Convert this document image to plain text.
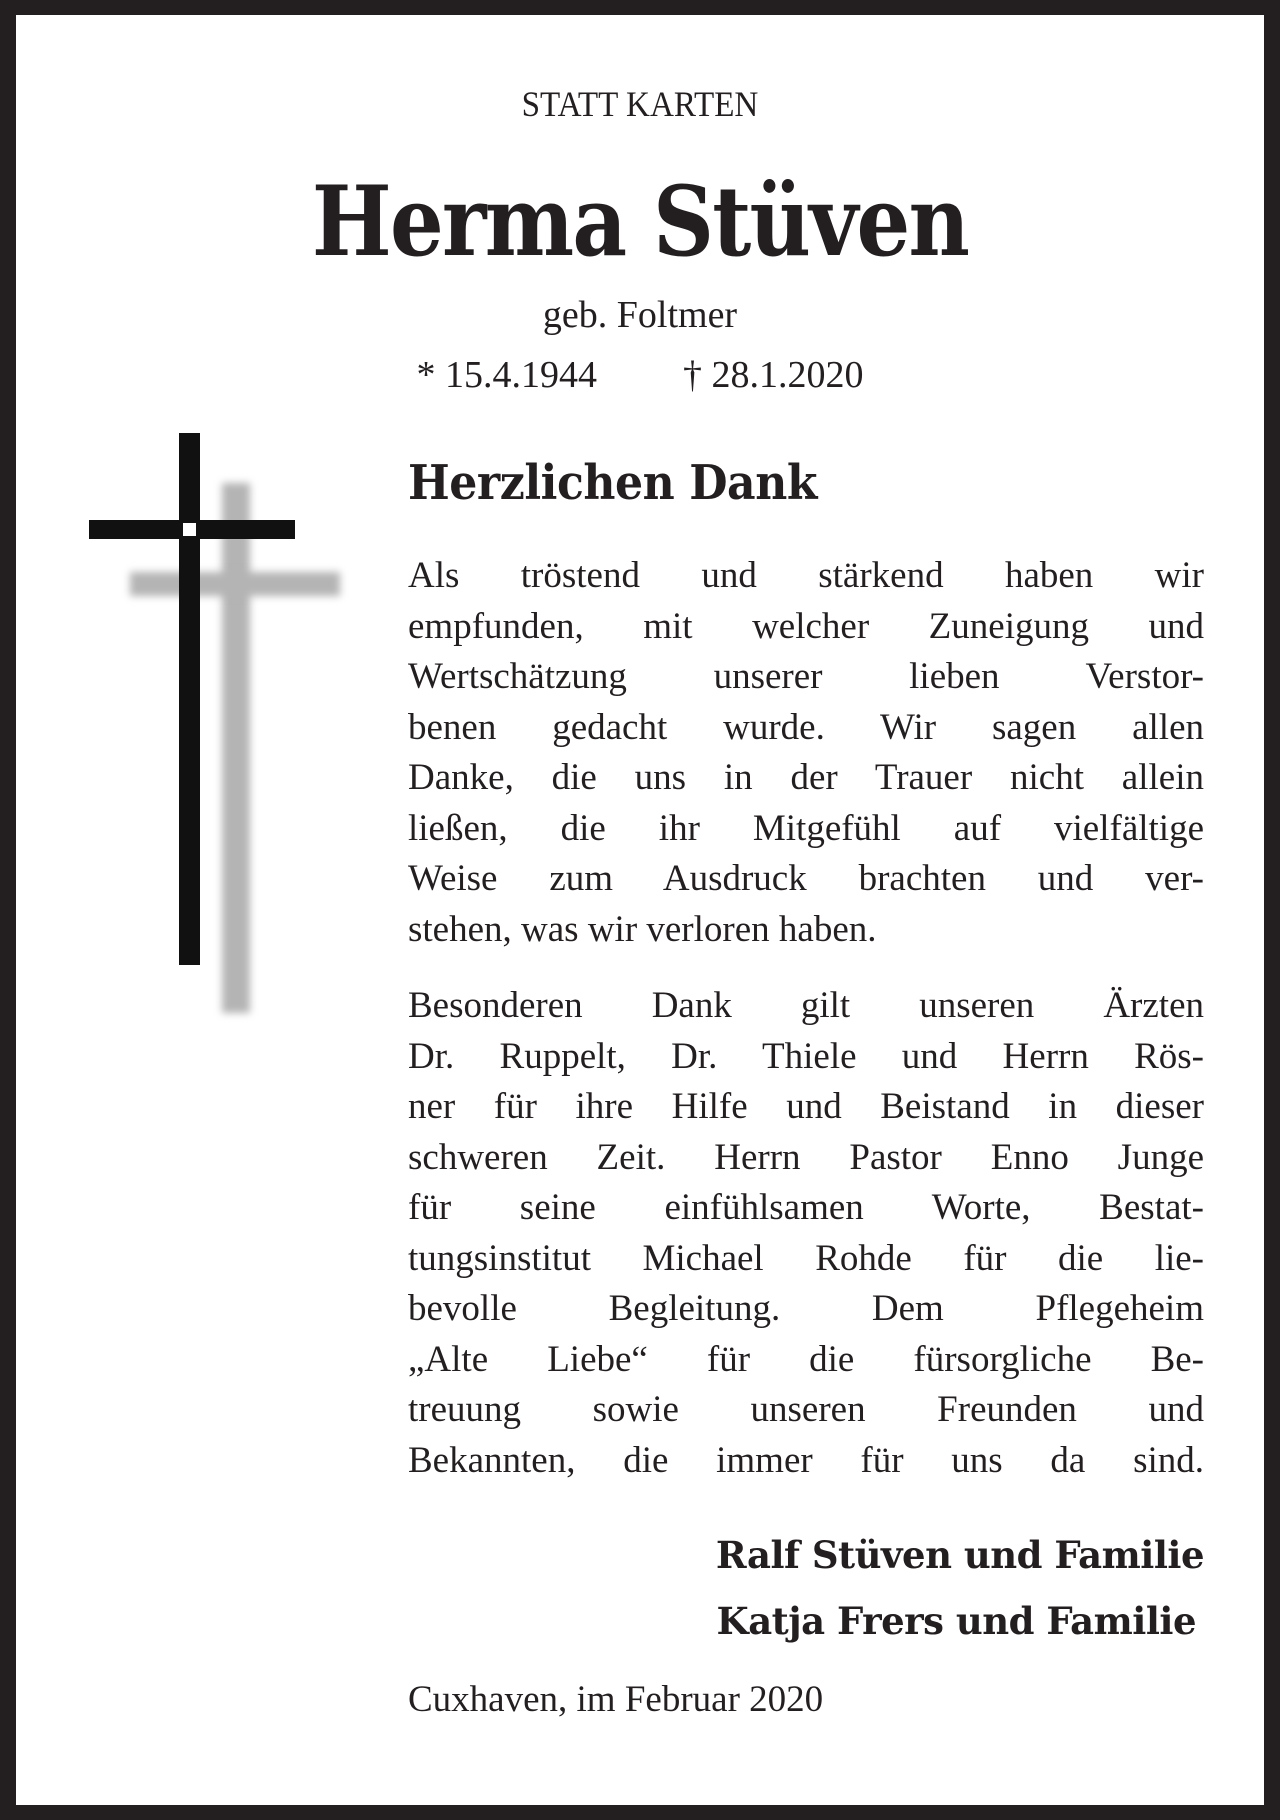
STATT KARTEN
Herma Stüven
geb. Foltmer
* 15.4.1944 † 28.1.2020
Herzlichen Dank

Als tröstend und stärkend haben wir
empfunden, mit welcher Zuneigung und
Wertschätzung unserer lieben Verstor-
benen gedacht wurde. Wir sagen allen
Danke, die uns in der Trauer nicht allein
ließen, die ihr Mitgefühl auf vielfältige
Weise zum Ausdruck brachten und ver-
stehen, was wir verloren haben.

Besonderen Dank gilt unseren Ärzten
Dr. Ruppelt, Dr. Thiele und Herrn Rös-
ner für ihre Hilfe und Beistand in dieser
schweren Zeit. Herrn Pastor Enno Junge
für seine einfühlsamen Worte, Bestat-
tungsinstitut Michael Rohde für die lie-
bevolle Begleitung. Dem Pflegeheim
„Alte Liebe“ für die fürsorgliche Be-
treuung sowie unseren Freunden und
Bekannten, die immer für uns da sind.

Ralf Stüven und Familie
Katja Frers und Familie
Cuxhaven, im Februar 2020
